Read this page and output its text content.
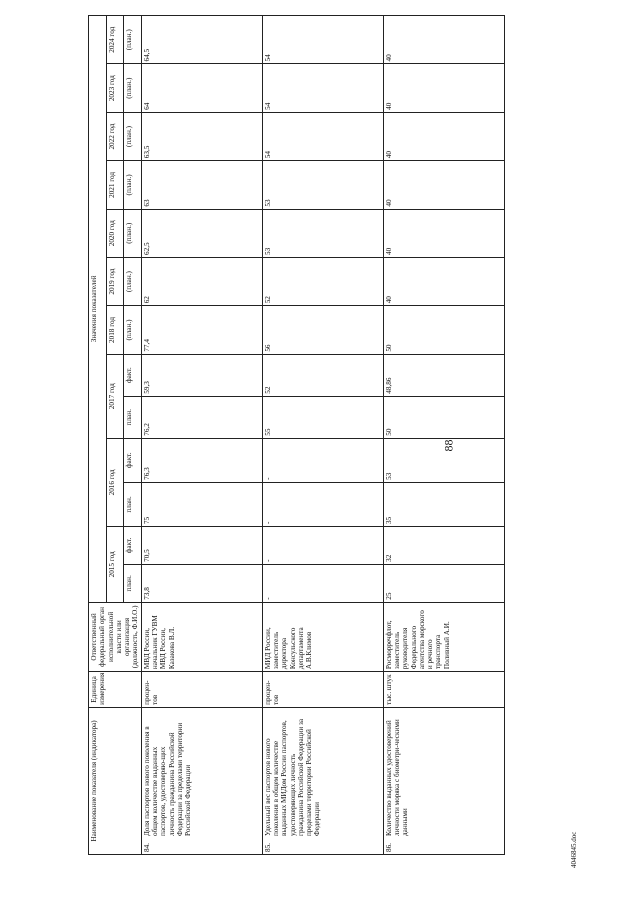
88
4046845.doc
Наименование показателя (индикатора)	Единица измерения	Ответственный федеральный орган исполнительной власти или организация (должность, Ф.И.О.)	Значения показателей												
			2015 год		2016 год		2017 год		2018 год	2019 год	2020 год	2021 год	2022 год	2023 год	2024 год
			план.	факт.	план.	факт.	план.	факт.	(план.)	(план.)	(план.)	(план.)	(план.)	(план.)	(план.)
84.Доля паспортов нового поколения в общем количестве выданных паспортов, удостоверяю-щих личность гражданина Российской Федерации за пределами территории Российской Федерации	процен-тов	МВД России, начальник ГУВМ МВД России, Казакова В.Л.	73,8	70,5	75	76,3	76,2	59,3	77,4	62	62,5	63	63,5	64	64,5
85.Удельный вес паспортов нового поколения в общем количестве выданных МИДом России паспортов, удостоверяющих личность гражданина Российской Федерации за пределами территории Российской Федерации	процен-тов	МИД России, заместитель директора Консульского департамента А.В.Климов	-	-	-	-	55	52	56	52	53	53	54	54	54
86.Количество выданных удостоверений личности моряка с биометри-ческими данными	тыс. штук	Росморречфлот, заместитель руководителя Федерального агентства морского и речного транспорта Поливный А.И.	25	32	35	53	50	48,86	50	40	40	40	40	40	40
